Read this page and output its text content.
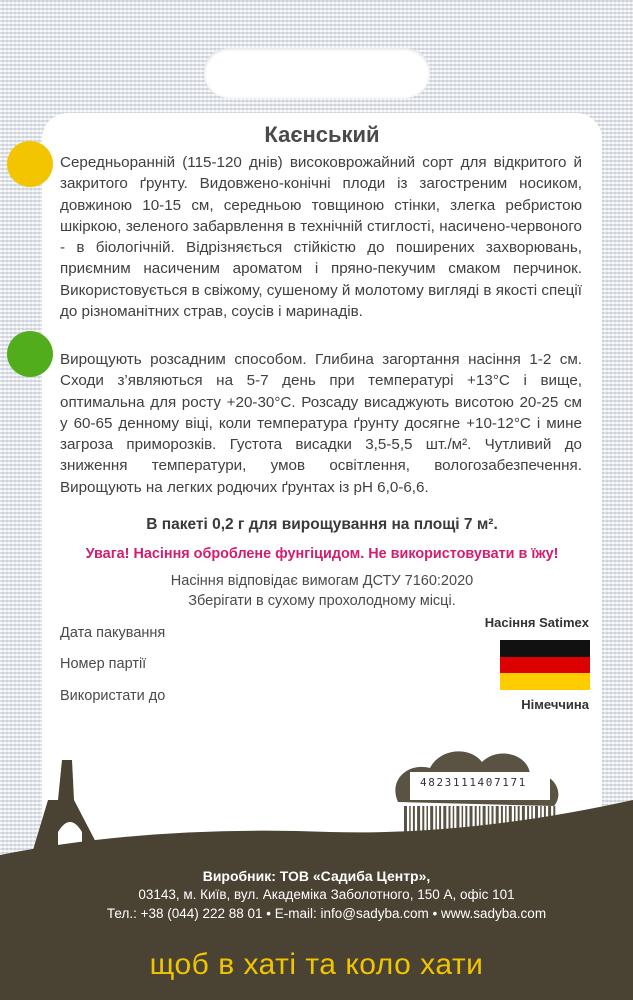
Каєнський

Середньоранній (115-120 днів) високоврожайний сорт для відкритого й закритого ґрунту. Видовжено-конічні плоди із загостреним носиком, довжиною 10-15 см, середньою товщиною стінки, злегка ребристою шкіркою, зеленого забарвлення в технічній стиглості, насичено-червоного - в біологічній. Відрізняється стійкістю до поширених захворювань, приємним насиченим ароматом і пряно-пекучим смаком перчинок. Використовується в свіжому, сушеному й молотому вигляді в якості спеції до різноманітних страв, соусів і маринадів.

Вирощують розсадним способом. Глибина загортання насіння 1-2 см. Сходи з’являються на 5-7 день при температурі +13°С і вище, оптимальна для росту +20-30°С. Розсаду висаджують висотою 20-25 см у 60-65 денному віці, коли температура ґрунту досягне +10-12°С і мине загроза приморозків. Густота висадки 3,5-5,5 шт./м². Чутливий до зниження температури, умов освітлення, вологозабезпечення. Вирощують на легких родючих ґрунтах із pH 6,0-6,6.

В пакеті 0,2 г для вирощування на площі 7 м².
Увага! Насіння оброблене фунгіцидом. Не використовувати в їжу!
Насіння відповідає вимогам ДСТУ 7160:2020
Зберігати в сухому прохолодному місці.
Дата пакування
Номер партії
Використати до
Насіння Satimex
Німеччина
4823111407171
Виробник: ТОВ «Садиба Центр»,
03143, м. Київ, вул. Академіка Заболотного, 150 А, офіс 101
Тел.: +38 (044) 222 88 01 • E-mail: info@sadyba.com • www.sadyba.com
щоб в хаті та коло хати
